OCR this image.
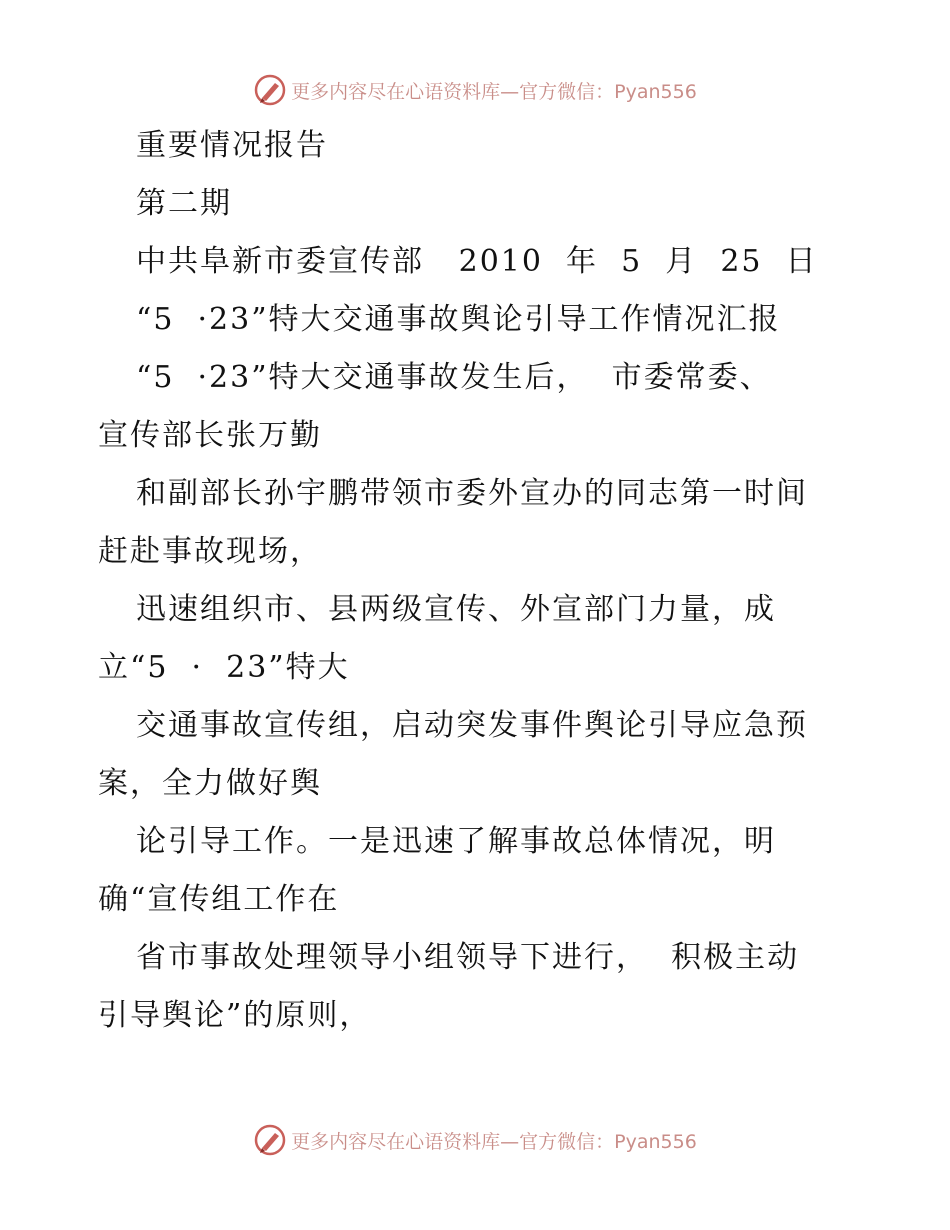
更多内容尽在心语资料库—官方微信：Pyan556
重要情况报告
第二期
中共阜新市委宣传部   2010  年  5  月  25  日
“5  ·23”特大交通事故舆论引导工作情况汇报
“5  ·23”特大交通事故发生后，  市委常委、
宣传部长张万勤
和副部长孙宇鹏带领市委外宣办的同志第一时间
赶赴事故现场，
迅速组织市、县两级宣传、外宣部门力量，成
立“5  ·  23”特大
交通事故宣传组，启动突发事件舆论引导应急预
案，全力做好舆
论引导工作。一是迅速了解事故总体情况，明
确“宣传组工作在
省市事故处理领导小组领导下进行，  积极主动
引导舆论”的原则，
更多内容尽在心语资料库—官方微信：Pyan556
